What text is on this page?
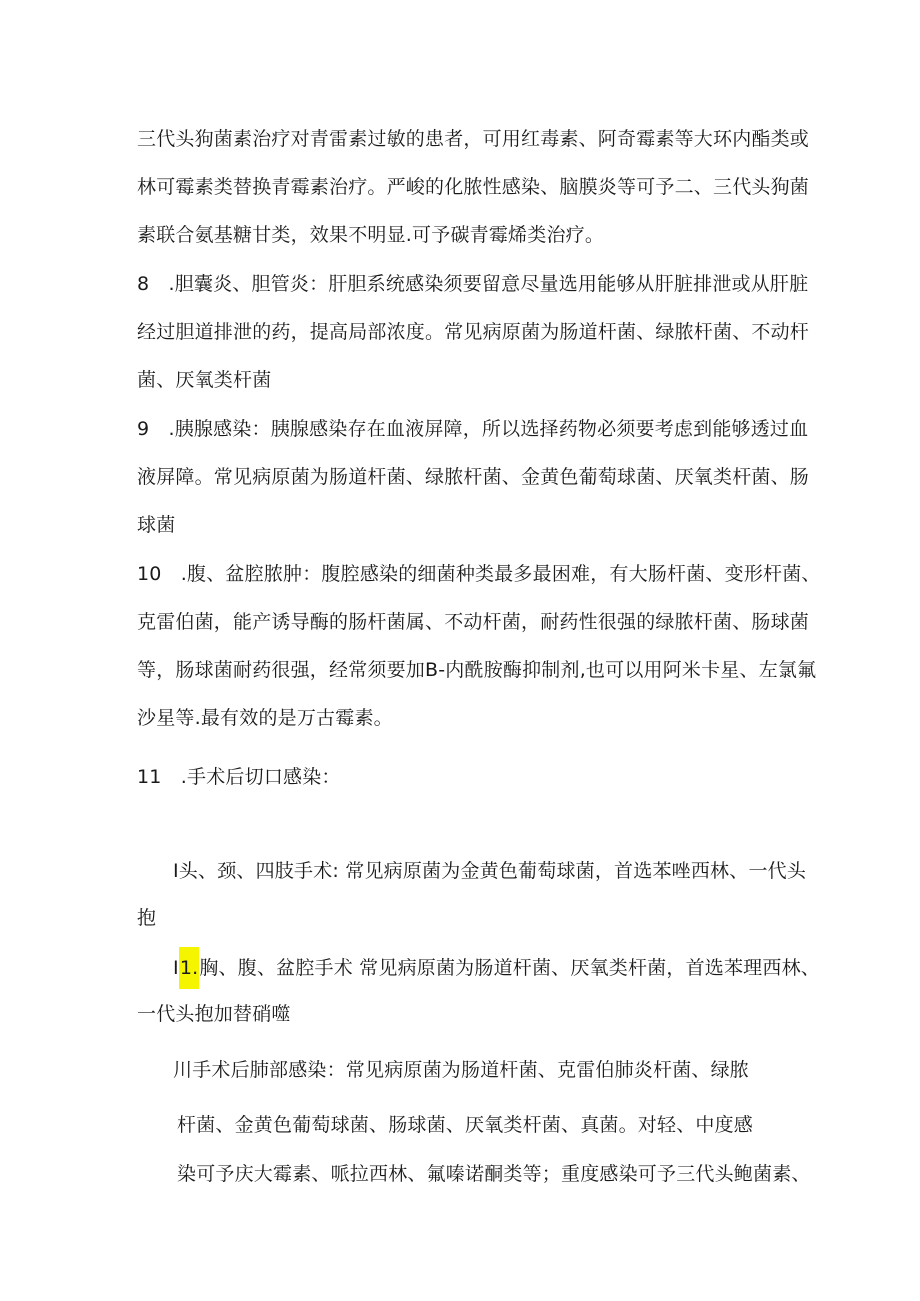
三代头狗菌素治疗对青雷素过敏的患者，可用红毒素、阿奇霉素等大环内酯类或
林可霉素类替换青霉素治疗。严峻的化脓性感染、脑膜炎等可予二、三代头狗菌
素联合氨基糖甘类，效果不明显.可予碳青霉烯类治疗。
8　.胆囊炎、胆管炎：肝胆系统感染须要留意尽量选用能够从肝脏排泄或从肝脏
经过胆道排泄的药，提高局部浓度。常见病原菌为肠道杆菌、绿脓杆菌、不动杆
菌、厌氧类杆菌
9　.胰腺感染：胰腺感染存在血液屏障，所以选择药物必须要考虑到能够透过血
液屏障。常见病原菌为肠道杆菌、绿脓杆菌、金黄色葡萄球菌、厌氧类杆菌、肠
球菌
10　.腹、盆腔脓肿：腹腔感染的细菌种类最多最困难，有大肠杆菌、变形杆菌、
克雷伯菌，能产诱导酶的肠杆菌属、不动杆菌，耐药性很强的绿脓杆菌、肠球菌
等，肠球菌耐药很强，经常须要加B-内酰胺酶抑制剂,也可以用阿米卡星、左氯氟
沙星等.最有效的是万古霉素。
11　.手术后切口感染：
I头、颈、四肢手术: 常见病原菌为金黄色葡萄球菌，首选苯唑西林、一代头
抱
I1.胸、腹、盆腔手术 常见病原菌为肠道杆菌、厌氧类杆菌，首选苯理西林、
一代头抱加替硝噬
川手术后肺部感染：常见病原菌为肠道杆菌、克雷伯肺炎杆菌、绿脓
杆菌、金黄色葡萄球菌、肠球菌、厌氧类杆菌、真菌。对轻、中度感
染可予庆大霉素、哌拉西林、氟嗪诺酮类等；重度感染可予三代头鲍菌素、
